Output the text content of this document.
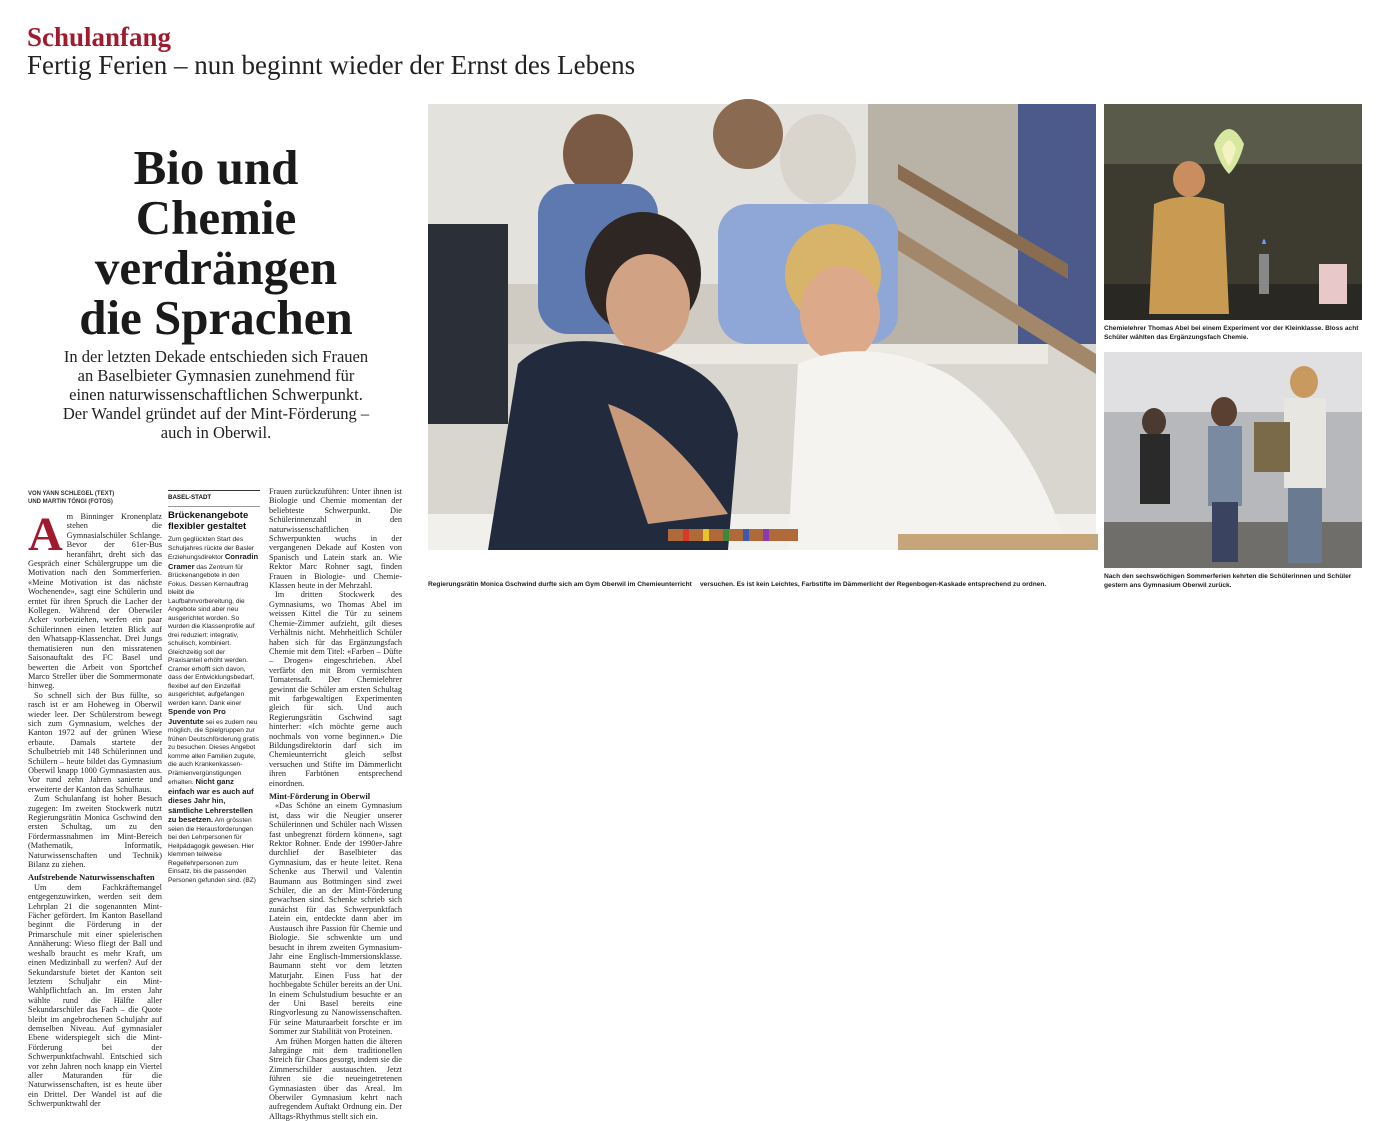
Schulanfang
Fertig Ferien – nun beginnt wieder der Ernst des Lebens
Bio und
Chemie
verdrängen
die Sprachen

In der letzten Dekade entschieden sich Frauen an Baselbieter Gymnasien zunehmend für einen naturwissenschaftlichen Schwerpunkt. Der Wandel gründet auf der Mint-Förderung – auch in Oberwil.

VON YANN SCHLEGEL (TEXT)
UND MARTIN TÖNGI (FOTOS)
A m Binninger Kronenplatz stehen die Gymnasialschüler Schlange. Bevor der 61er-Bus heranfährt, dreht sich das Gespräch einer Schülergruppe um die Motivation nach den Sommerferien. «Meine Motivation ist das nächste Wochenende», sagt eine Schülerin und erntet für ihren Spruch die Lacher der Kollegen. Während der Oberwiler Acker vorbeiziehen, werfen ein paar Schülerinnen einen letzten Blick auf den Whatsapp-Klassenchat. Drei Jungs thematisieren nun den missratenen Saisonauftakt des FC Basel und bewerten die Arbeit von Sportchef Marco Streller über die Sommermonate hinweg.

So schnell sich der Bus füllte, so rasch ist er am Hoheweg in Oberwil wieder leer. Der Schülerstrom bewegt sich zum Gymnasium, welches der Kanton 1972 auf der grünen Wiese erbaute. Damals startete der Schulbetrieb mit 148 Schülerinnen und Schülern – heute bildet das Gymnasium Oberwil knapp 1000 Gymnasiasten aus. Vor rund zehn Jahren sanierte und erweiterte der Kanton das Schulhaus.

Zum Schulanfang ist hoher Besuch zugegen: Im zweiten Stockwerk nutzt Regierungsrätin Monica Gschwind den ersten Schultag, um zu den Fördermassnahmen im Mint-Bereich (Mathematik, Informatik, Naturwissenschaften und Technik) Bilanz zu ziehen.

Aufstrebende Naturwissenschaften

Um dem Fachkräftemangel entgegenzuwirken, werden seit dem Lehrplan 21 die sogenannten Mint-Fächer gefördert. Im Kanton Baselland beginnt die Förderung in der Primarschule mit einer spielerischen Annäherung: Wieso fliegt der Ball und weshalb braucht es mehr Kraft, um einen Medizinball zu werfen? Auf der Sekundarstufe bietet der Kanton seit letztem Schuljahr ein Mint-Wahlpflichtfach an. Im ersten Jahr wählte rund die Hälfte aller Sekundarschüler das Fach – die Quote bleibt im angebrochenen Schuljahr auf demselben Niveau. Auf gymnasialer Ebene widerspiegelt sich die Mint-Förderung bei der Schwerpunktfachwahl. Entschied sich vor zehn Jahren noch knapp ein Viertel aller Maturanden für die Naturwissenschaften, ist es heute über ein Drittel. Der Wandel ist auf die Schwerpunktwahl der

BASEL-STADT
Brückenangebote flexibler gestaltet
Zum geglückten Start des Schuljahres rückte der Basler Erziehungsdirektor Conradin Cramer das Zentrum für Brückenangebote in den Fokus. Dessen Kernauftrag bleibt die Laufbahnvorbereitung, die Angebote sind aber neu ausgerichtet worden. So wurden die Klassenprofile auf drei reduziert: integrativ, schulisch, kombiniert. Gleichzeitig soll der Praxisanteil erhöht werden. Cramer erhofft sich davon, dass der Entwicklungsbedarf, flexibel auf den Einzelfall ausgerichtet, aufgefangen werden kann. Dank einer Spende von Pro Juventute sei es zudem neu möglich, die Spielgruppen zur frühen Deutschförderung gratis zu besuchen. Dieses Angebot komme allen Familien zugute, die auch Krankenkassen-Prämienvergünstigungen erhalten. Nicht ganz einfach war es auch auf dieses Jahr hin, sämtliche Lehrerstellen zu besetzen. Am grössten seien die Herausforderungen bei den Lehrpersonen für Heilpädagogik gewesen. Hier klemmen teilweise Regellehrpersonen zum Einsatz, bis die passenden Personen gefunden sind. (BZ)

Frauen zurückzuführen: Unter ihnen ist Biologie und Chemie momentan der beliebteste Schwerpunkt. Die Schülerinnenzahl in den naturwissenschaftlichen Schwerpunkten wuchs in der vergangenen Dekade auf Kosten von Spanisch und Latein stark an. Wie Rektor Marc Rohner sagt, finden Frauen in Biologie- und Chemie-Klassen heute in der Mehrzahl.

Im dritten Stockwerk des Gymnasiums, wo Thomas Abel im weissen Kittel die Tür zu seinem Chemie-Zimmer aufzieht, gilt dieses Verhältnis nicht. Mehrheitlich Schüler haben sich für das Ergänzungsfach Chemie mit dem Titel: «Farben – Düfte – Drogen» eingeschrieben. Abel verfärbt den mit Brom vermischten Tomatensaft. Der Chemielehrer gewinnt die Schüler am ersten Schultag mit farbgewaltigen Experimenten gleich für sich. Und auch Regierungsrätin Gschwind sagt hinterher: «Ich möchte gerne auch nochmals von vorne beginnen.» Die Bildungsdirektorin darf sich im Chemieunterricht gleich selbst versuchen und Stifte im Dämmerlicht ihren Farbtönen entsprechend einordnen.

Mint-Förderung in Oberwil

«Das Schöne an einem Gymnasium ist, dass wir die Neugier unserer Schülerinnen und Schüler nach Wissen fast unbegrenzt fördern können», sagt Rektor Rohner. Ende der 1990er-Jahre durchlief der Baselbieter das Gymnasium, das er heute leitet. Rena Schenke aus Therwil und Valentin Baumann aus Bottmingen sind zwei Schüler, die an der Mint-Förderung gewachsen sind. Schenke schrieb sich zunächst für das Schwerpunktfach Latein ein, entdeckte dann aber im Austausch ihre Passion für Chemie und Biologie. Sie schwenkte um und besucht in ihrem zweiten Gymnasium-Jahr eine Englisch-Immersionsklasse. Baumann steht vor dem letzten Maturjahr. Einen Fuss hat der hochbegabte Schüler bereits an der Uni. In einem Schulstudium besuchte er an der Uni Basel bereits eine Ringvorlesung zu Nanowissenschaften. Für seine Maturaarbeit forschte er im Sommer zur Stabilität von Proteinen.

Am frühen Morgen hatten die älteren Jahrgänge mit dem traditionellen Streich für Chaos gesorgt, indem sie die Zimmerschilder austauschten. Jetzt führen sie die neueingetretenen Gymnasiasten über das Areal. Im Oberwiler Gymnasium kehrt nach aufregendem Auftakt Ordnung ein. Der Alltags-Rhythmus stellt sich ein.

Regierungsrätin Monica Gschwind durfte sich am Gym Oberwil im Chemieunterricht	versuchen. Es ist kein Leichtes, Farbstifte im Dämmerlicht der Regenbogen-Kaskade entsprechend zu ordnen.
Chemielehrer Thomas Abel bei einem Experiment vor der Kleinklasse. Bloss acht Schüler wählten das Ergänzungsfach Chemie.
Nach den sechswöchigen Sommerferien kehrten die Schülerinnen und Schüler gestern ans Gymnasium Oberwil zurück.
